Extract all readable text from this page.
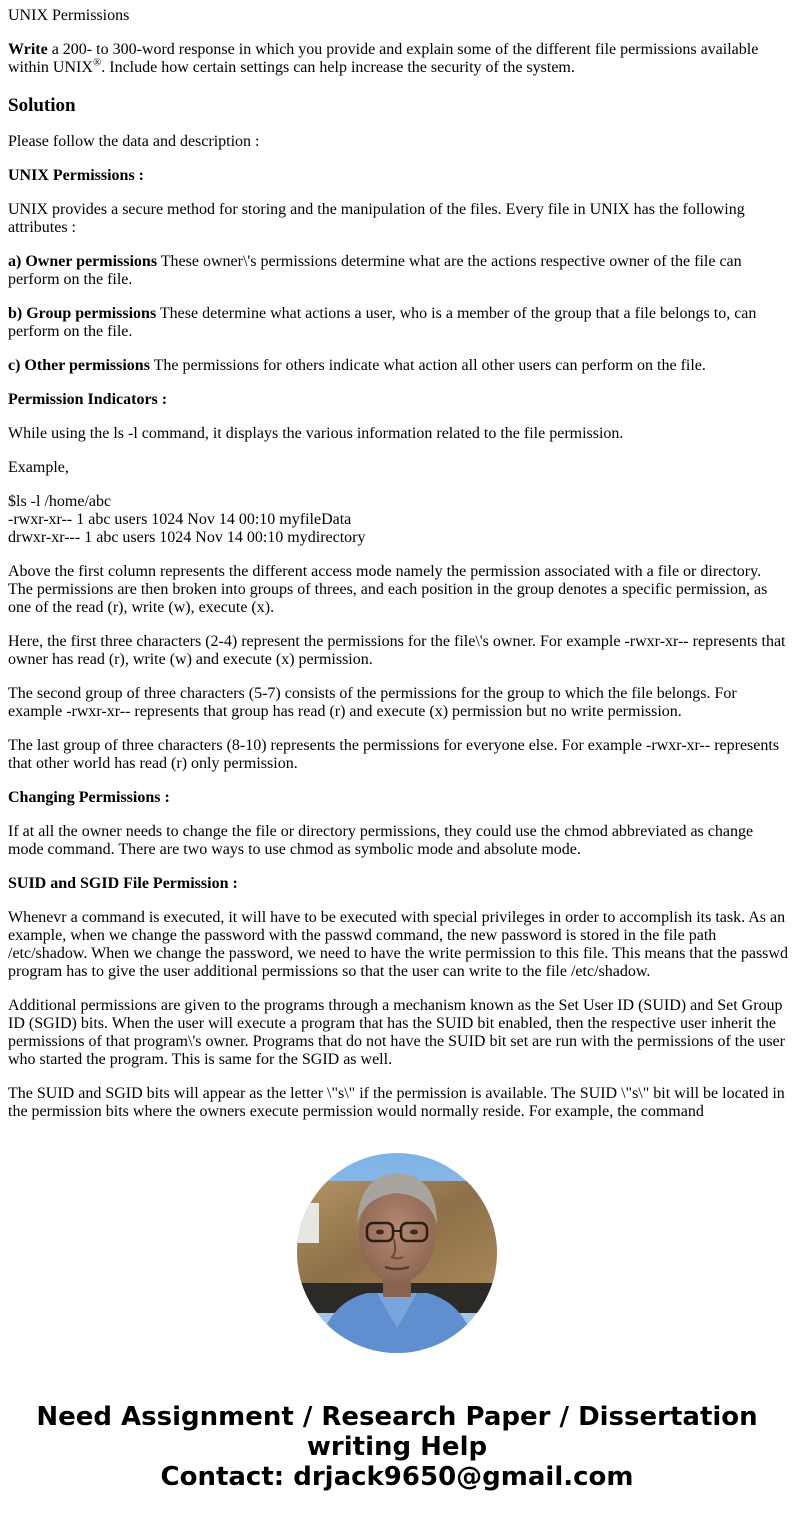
UNIX Permissions

Write a 200- to 300-word response in which you provide and explain some of the different file permissions available within UNIX®. Include how certain settings can help increase the security of the system.

Solution

Please follow the data and description :

UNIX Permissions :

UNIX provides a secure method for storing and the manipulation of the files. Every file in UNIX has the following attributes :

a) Owner permissions These owner\'s permissions determine what are the actions respective owner of the file can perform on the file.

b) Group permissions These determine what actions a user, who is a member of the group that a file belongs to, can perform on the file.

c) Other permissions The permissions for others indicate what action all other users can perform on the file.

Permission Indicators :

While using the ls -l command, it displays the various information related to the file permission.

Example,

$ls -l /home/abc
-rwxr-xr-- 1 abc users 1024 Nov 14 00:10 myfileData
drwxr-xr--- 1 abc users 1024 Nov 14 00:10 mydirectory

Above the first column represents the different access mode namely the permission associated with a file or directory. The permissions are then broken into groups of threes, and each position in the group denotes a specific permission, as one of the read (r), write (w), execute (x).

Here, the first three characters (2-4) represent the permissions for the file\'s owner. For example -rwxr-xr-- represents that owner has read (r), write (w) and execute (x) permission.

The second group of three characters (5-7) consists of the permissions for the group to which the file belongs. For example -rwxr-xr-- represents that group has read (r) and execute (x) permission but no write permission.

The last group of three characters (8-10) represents the permissions for everyone else. For example -rwxr-xr-- represents that other world has read (r) only permission.

Changing Permissions :

If at all the owner needs to change the file or directory permissions, they could use the chmod abbreviated as change mode command. There are two ways to use chmod as symbolic mode and absolute mode.

SUID and SGID File Permission :

Whenevr a command is executed, it will have to be executed with special privileges in order to accomplish its task. As an example, when we change the password with the passwd command, the new password is stored in the file path /etc/shadow. When we change the password, we need to have the write permission to this file. This means that the passwd program has to give the user additional permissions so that the user can write to the file /etc/shadow.

Additional permissions are given to the programs through a mechanism known as the Set User ID (SUID) and Set Group ID (SGID) bits. When the user will execute a program that has the SUID bit enabled, then the respective user inherit the permissions of that program\'s owner. Programs that do not have the SUID bit set are run with the permissions of the user who started the program. This is same for the SGID as well.

The SUID and SGID bits will appear as the letter \"s\" if the permission is available. The SUID \"s\" bit will be located in the permission bits where the owners execute permission would normally reside. For example, the command

Need Assignment / Research Paper / Dissertation
writing Help
Contact: drjack9650@gmail.com
